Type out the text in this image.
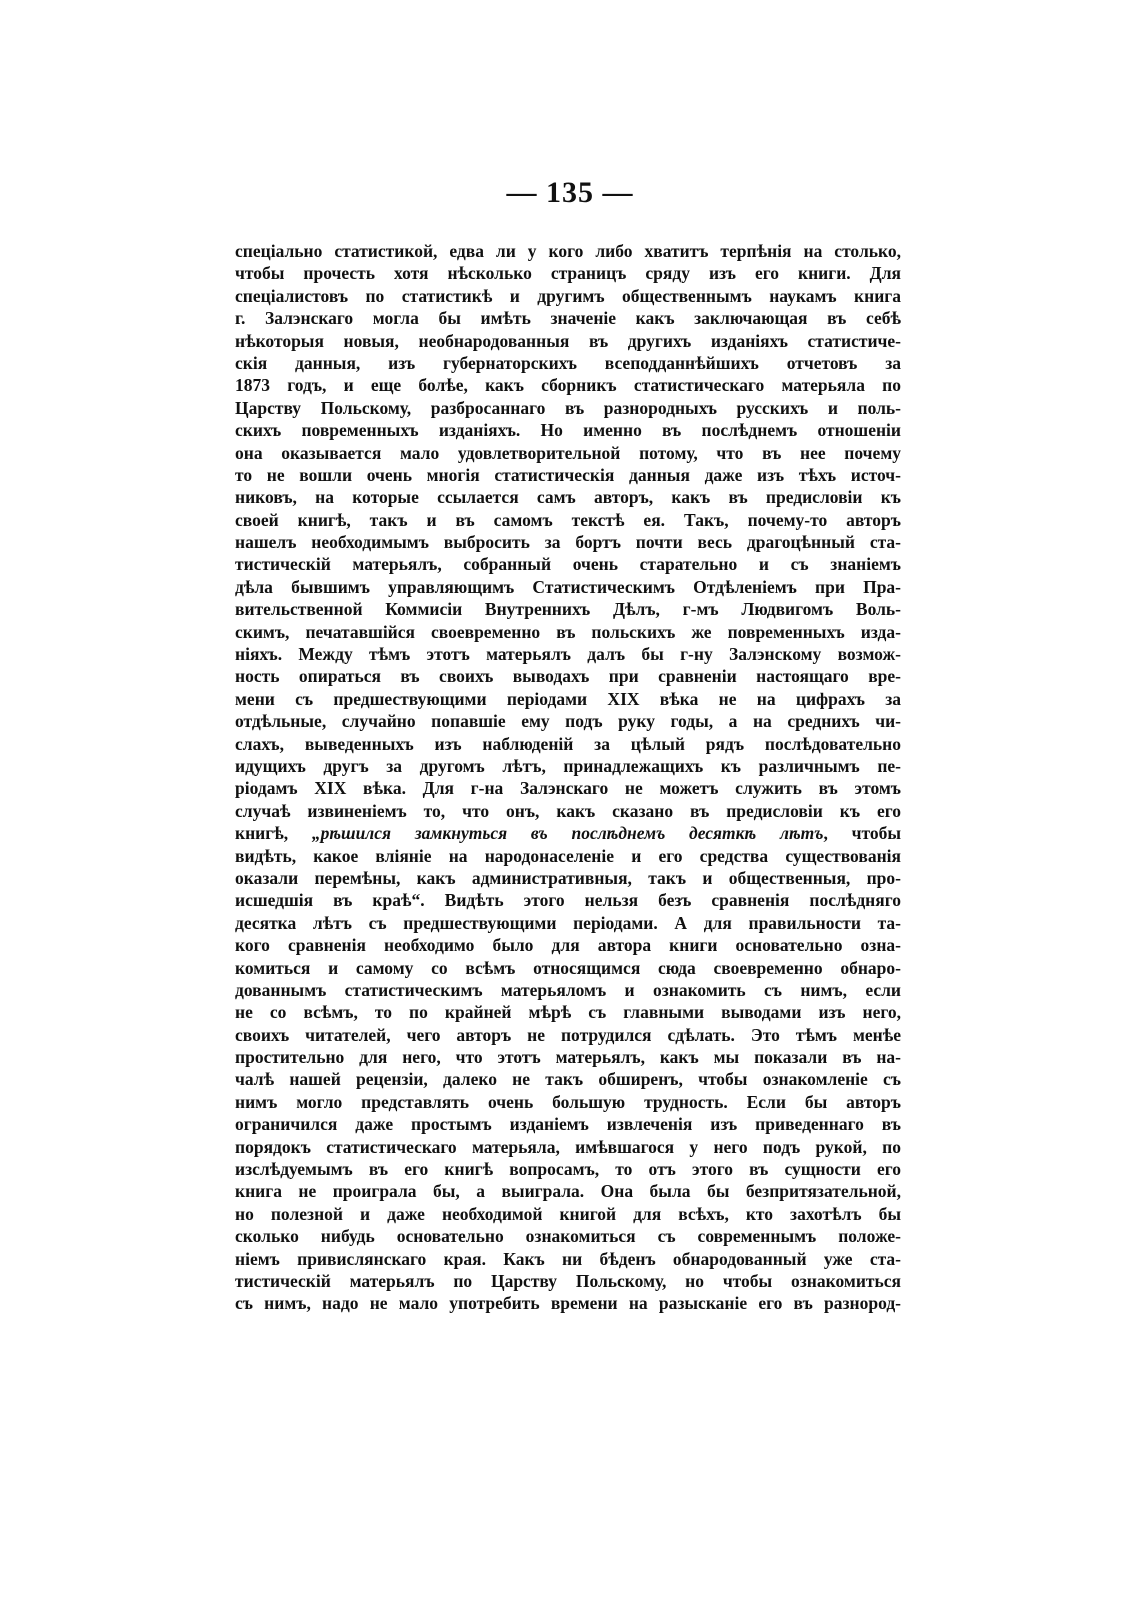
— 135 —
спеціально статистикой, едва ли у кого либо хватитъ терпѣнія на столько,
чтобы прочесть хотя нѣсколько страницъ сряду изъ его книги. Для
спеціалистовъ по статистикѣ и другимъ общественнымъ наукамъ книга
г. Залэнскаго могла бы имѣть значеніе какъ заключающая въ себѣ
нѣкоторыя новыя, необнародованныя въ другихъ изданіяхъ статистиче-
скія данныя, изъ губернаторскихъ всеподданнѣйшихъ отчетовъ за
1873 годъ, и еще болѣе, какъ сборникъ статистическаго матерьяла по
Царству Польскому, разбросаннаго въ разнородныхъ русскихъ и поль-
скихъ повременныхъ изданіяхъ. Но именно въ послѣднемъ отношеніи
она оказывается мало удовлетворительной потому, что въ нее почему
то не вошли очень многія статистическія данныя даже изъ тѣхъ источ-
никовъ, на которые ссылается самъ авторъ, какъ въ предисловіи къ
своей книгѣ, такъ и въ самомъ текстѣ ея. Такъ, почему-то авторъ
нашелъ необходимымъ выбросить за бортъ почти весь драгоцѣнный ста-
тистическій матерьялъ, собранный очень старательно и съ знаніемъ
дѣла бывшимъ управляющимъ Статистическимъ Отдѣленіемъ при Пра-
вительственной Коммисіи Внутреннихъ Дѣлъ, г-мъ Людвигомъ Воль-
скимъ, печатавшійся своевременно въ польскихъ же повременныхъ изда-
ніяхъ. Между тѣмъ этотъ матерьялъ далъ бы г-ну Залэнскому возмож-
ность опираться въ своихъ выводахъ при сравненіи настоящаго вре-
мени съ предшествующими періодами XIX вѣка не на цифрахъ за
отдѣльные, случайно попавшіе ему подъ руку годы, а на среднихъ чи-
слахъ, выведенныхъ изъ наблюденій за цѣлый рядъ послѣдовательно
идущихъ другъ за другомъ лѣтъ, принадлежащихъ къ различнымъ пе-
ріодамъ XIX вѣка. Для г-на Залэнскаго не можетъ служить въ этомъ
случаѣ извиненіемъ то, что онъ, какъ сказано въ предисловіи къ его
книгѣ, „рѣшился замкнуться въ послѣднемъ десяткѣ лѣтъ, чтобы
видѣть, какое вліяніе на народонаселеніе и его средства существованія
оказали перемѣны, какъ административныя, такъ и общественныя, про-
исшедшія въ краѣ“. Видѣть этого нельзя безъ сравненія послѣдняго
десятка лѣтъ съ предшествующими періодами. А для правильности та-
кого сравненія необходимо было для автора книги основательно озна-
комиться и самому со всѣмъ относящимся сюда своевременно обнаро-
дованнымъ статистическимъ матерьяломъ и ознакомить съ нимъ, если
не со всѣмъ, то по крайней мѣрѣ съ главными выводами изъ него,
своихъ читателей, чего авторъ не потрудился сдѣлать. Это тѣмъ менѣе
простительно для него, что этотъ матерьялъ, какъ мы показали въ на-
чалѣ нашей рецензіи, далеко не такъ обширенъ, чтобы ознакомленіе съ
нимъ могло представлять очень большую трудность. Если бы авторъ
ограничился даже простымъ изданіемъ извлеченія изъ приведеннаго въ
порядокъ статистическаго матерьяла, имѣвшагося у него подъ рукой, по
изслѣдуемымъ въ его книгѣ вопросамъ, то отъ этого въ сущности его
книга не проиграла бы, а выиграла. Она была бы безпритязательной,
но полезной и даже необходимой книгой для всѣхъ, кто захотѣлъ бы
сколько нибудь основательно ознакомиться съ современнымъ положе-
ніемъ привислянскаго края. Какъ ни бѣденъ обнародованный уже ста-
тистическій матерьялъ по Царству Польскому, но чтобы ознакомиться
съ нимъ, надо не мало употребить времени на разысканіе его въ разнород-
